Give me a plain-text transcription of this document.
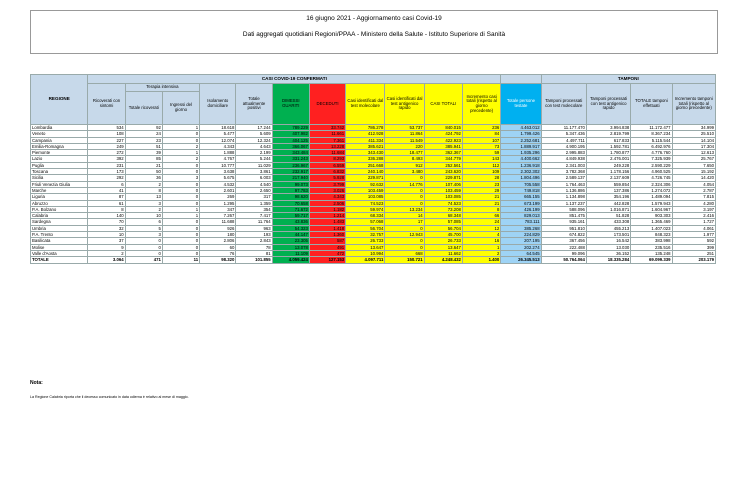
16 giugno 2021 - Aggiornamento casi Covid-19
Dati aggregati quotidiani Regioni/PPAA - Ministero della Salute - Istituto Superiore di Sanità
REGIONE	CASI COVID-19 CONFERMATI												TAMPONI			
	Ricoverati con sintomi	Terapia intensiva		Isolamento domiciliare	Totale attualmente positivi	DIMESSI GUARITI	DECEDUTI	Casi identificati dal test molecolare	Casi identificati dal test antigenico rapido	CASI TOTALI	Incremento casi totali (rispetto al giorno precedente)	Totale persone testate	Tamponi processati con test molecolare	Tamponi processati con test antigenico rapido	TOTALE tamponi effettuati	Incremento tamponi totali (rispetto al giorno precedente)
		Totale ricoverati	Ingressi del giorno													
Lombardia	534	92	1	18.618	17.244	789.229	33.742	786.278	53.737	840.015	236	4.463.012	11.177.470	3.994.838	11.172.477	34.999
Veneto	108	24	0	5.477	5.609	407.982	11.661	412.928	11.864	424.792	84	1.799.426	5.347.436	2.819.799	8.367.234	25.510
Campania	227	23	0	12.074	12.324	404.125	7.361	411.334	11.549	422.923	107	2.252.681	4.497.711	617.833	5.115.544	14.104
Emilia-Romagna	249	51	2	4.343	4.643	366.067	13.228	385.621	220	385.941	73	1.889.917	4.900.195	1.592.781	6.492.976	17.304
Piemonte	272	39	1	1.888	2.199	343.484	11.684	343.430	18.477	362.367	59	1.935.296	2.995.883	1.780.877	4.776.760	12.613
Lazio	392	85	2	4.767	5.244	331.243	8.293	336.288	8.493	344.779	143	4.400.662	4.849.938	2.476.001	7.325.939	25.767
Puglia	231	21	0	10.777	11.029	236.967	6.559	251.668	912	252.561	112	1.236.918	2.341.003	249.228	2.590.229	7.650
Toscana	173	50	0	3.638	3.861	232.917	6.832	240.140	3.480	243.620	109	2.302.302	3.782.368	1.178.156	4.960.525	15.192
Sicilia	292	36	3	5.675	6.003	217.940	5.928	229.871	0	229.871	28	1.804.496	2.589.137	2.137.609	4.726.745	14.420
Friuli Venezia Giulia	6	2	0	4.532	4.540	99.073	3.799	92.632	14.776	107.406	23	705.558	1.764.463	559.854	2.324.306	4.054
Marche	41	8	0	2.601	2.650	97.783	3.026	103.459	0	103.459	29	749.818	1.136.886	137.386	1.274.072	2.787
Liguria	87	13	0	269	317	98.620	4.343	103.085	0	103.085	21	665.155	1.134.898	354.196	1.489.094	7.815
Abruzzo	61	3	0	1.295	1.359	70.658	2.506	74.523	0	74.523	21	673.199	1.137.237	442.828	1.579.943	4.280
P.A. Bolzano	8	2	1	347	354	71.672	1.182	59.974	13.234	73.208	8	426.199	588.096	1.016.871	1.604.967	3.197
Calabria	140	10	1	7.267	7.417	59.717	1.214	68.334	14	68.348	66	829.013	851.475	51.828	903.303	2.416
Sardegna	70	6	0	11.688	11.764	43.836	1.483	57.068	17	57.085	24	783.111	935.161	433.308	1.365.469	1.727
Umbria	32	5	0	926	963	54.323	1.418	56.704	0	56.704	12	385.268	951.810	455.213	1.407.023	4.061
P.A. Trento	10	3	0	180	193	44.147	1.360	32.757	12.943	45.700	4	224.829	674.822	173.501	848.323	1.977
Basilicata	37	0	0	2.806	2.843	23.305	587	26.733	0	26.733	16	207.195	367.456	16.542	383.998	592
Molise	9	0	0	60	78	13.078	491	13.647	0	13.647	1	202.274	222.488	13.030	235.516	399
Valle d'Aosta	2	0	0	76	81	11.109	472	10.994	668	11.662	2	64.545	99.096	36.152	135.248	251
TOTALE	3.064	471	11	98.320	101.855	4.059.424	127.153	4.097.711	150.721	4.248.432	1.400	26.345.513	50.764.064	18.335.284	69.099.339	203.179
Nota:
La Regione Calabria riporta che il decesso comunicato in data odierna è relativo al mese di maggio.
